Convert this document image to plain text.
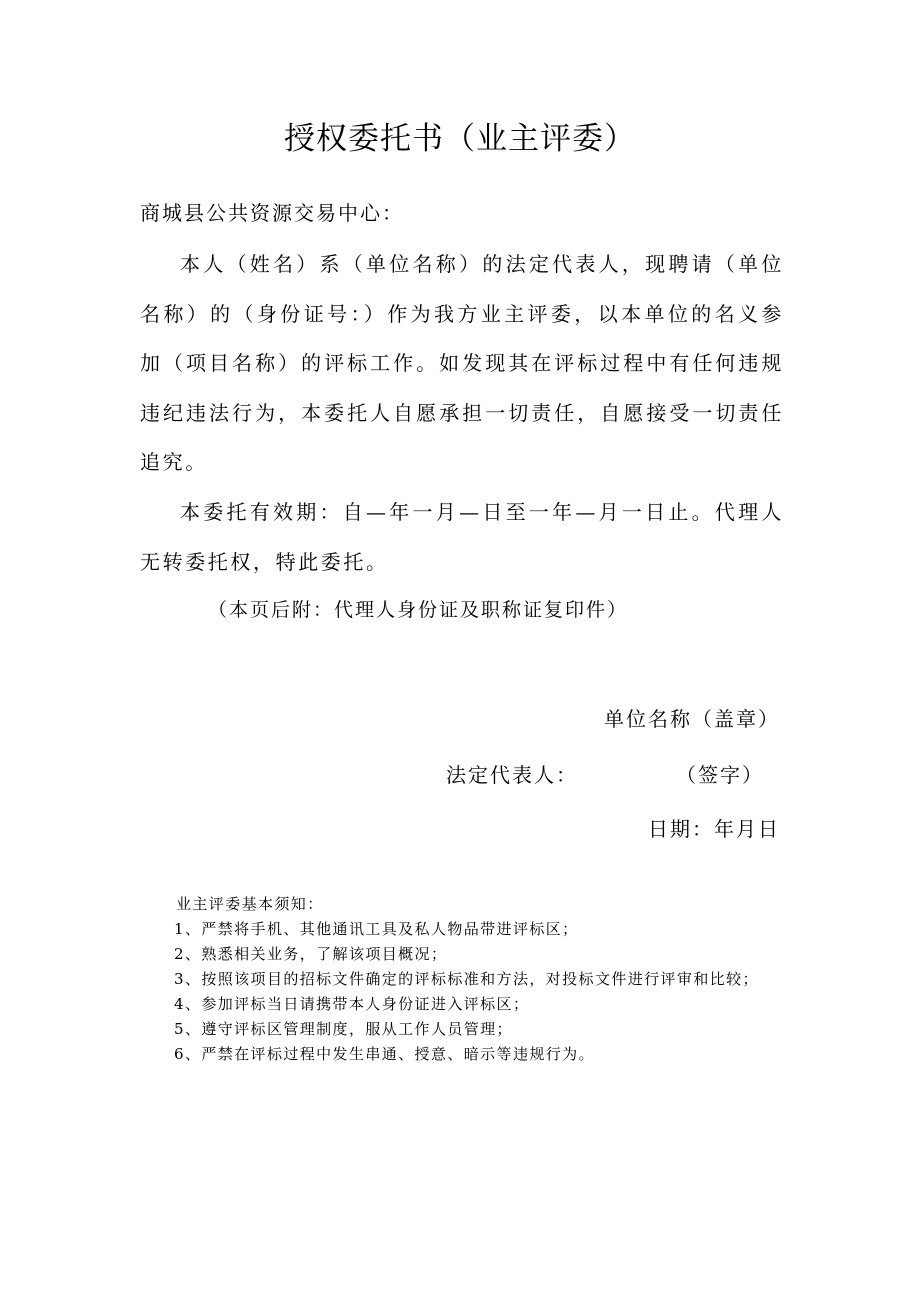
授权委托书（业主评委）
商城县公共资源交易中心：

本人（姓名）系（单位名称）的法定代表人，现聘请（单位名称）的（身份证号：）作为我方业主评委，以本单位的名义参加（项目名称）的评标工作。如发现其在评标过程中有任何违规违纪违法行为，本委托人自愿承担一切责任，自愿接受一切责任追究。

本委托有效期：自—年一月—日至一年—月一日止。代理人无转委托权，特此委托。

（本页后附：代理人身份证及职称证复印件）
单位名称（盖章）
法定代表人：	（签字）
日期：年月日
业主评委基本须知：
1、严禁将手机、其他通讯工具及私人物品带进评标区；
2、熟悉相关业务，了解该项目概况；
3、按照该项目的招标文件确定的评标标准和方法，对投标文件进行评审和比较；
4、参加评标当日请携带本人身份证进入评标区；
5、遵守评标区管理制度，服从工作人员管理；
6、严禁在评标过程中发生串通、授意、暗示等违规行为。
